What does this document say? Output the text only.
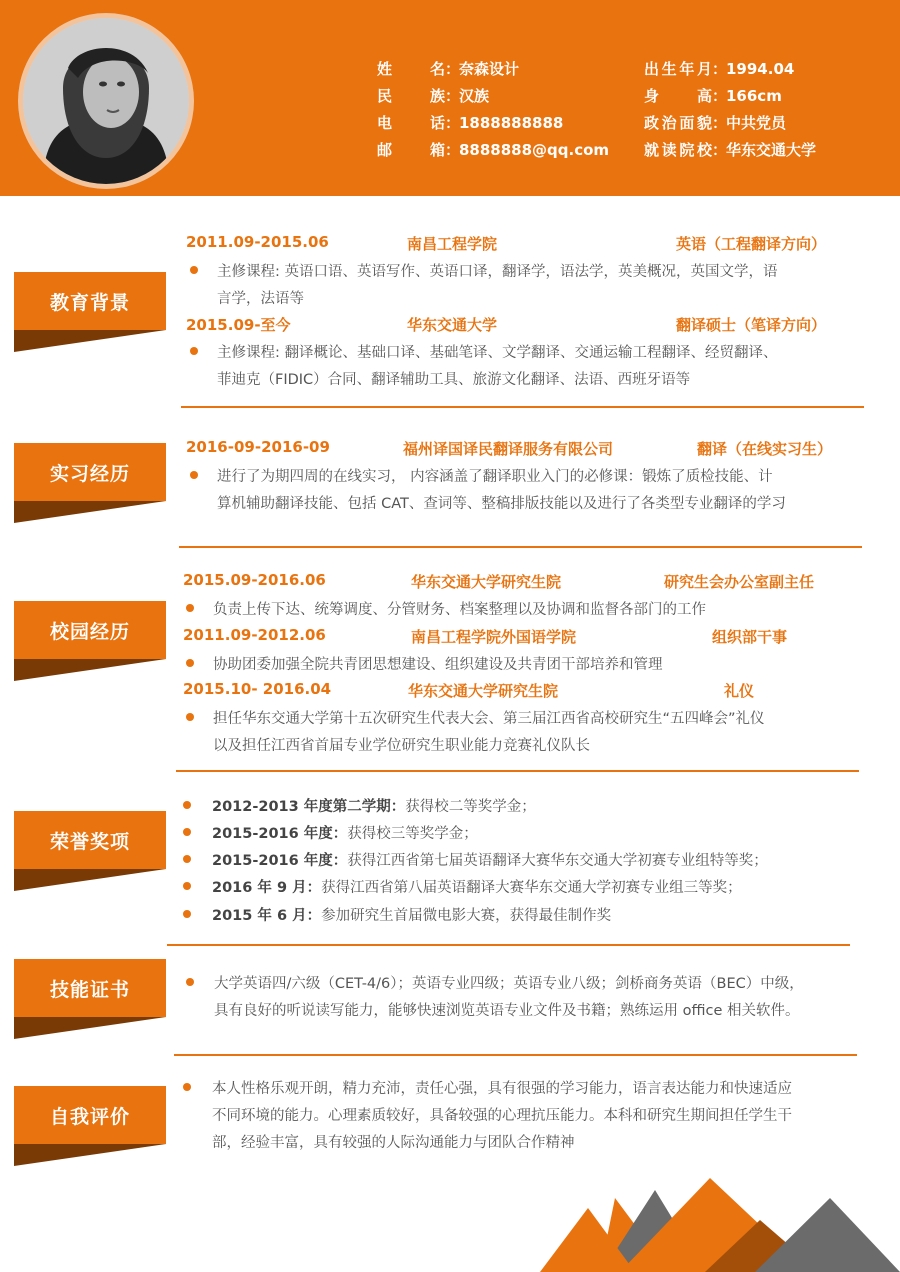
姓名：奈森设计
民族：汉族
电话：1888888888
邮箱：8888888@qq.com
出生年月：1994.04
身高：166cm
政治面貌：中共党员
就读院校：华东交通大学
教育背景
2011.09-2015.06	南昌工程学院	英语（工程翻译方向）
主修课程: 英语口语、英语写作、英语口译，翻译学，语法学，英美概况，英国文学，语
言学，法语等
2015.09-至今	华东交通大学	翻译硕士（笔译方向）
主修课程: 翻译概论、基础口译、基础笔译、文学翻译、交通运输工程翻译、经贸翻译、
菲迪克（FIDIC）合同、翻译辅助工具、旅游文化翻译、法语、西班牙语等
实习经历
2016-09-2016-09	福州译国译民翻译服务有限公司	翻译（在线实习生）
进行了为期四周的在线实习， 内容涵盖了翻译职业入门的必修课：锻炼了质检技能、计
算机辅助翻译技能、包括 CAT、查词等、整稿排版技能以及进行了各类型专业翻译的学习
校园经历
2015.09-2016.06	华东交通大学研究生院	研究生会办公室副主任
负责上传下达、统筹调度、分管财务、档案整理以及协调和监督各部门的工作
2011.09-2012.06	南昌工程学院外国语学院	组织部干事
协助团委加强全院共青团思想建设、组织建设及共青团干部培养和管理
2015.10- 2016.04	华东交通大学研究生院	礼仪
担任华东交通大学第十五次研究生代表大会、第三届江西省高校研究生“五四峰会”礼仪
以及担任江西省首届专业学位研究生职业能力竞赛礼仪队长
荣誉奖项
2012-2013 年度第二学期：获得校二等奖学金；
2015-2016 年度：获得校三等奖学金；
2015-2016 年度：获得江西省第七届英语翻译大赛华东交通大学初赛专业组特等奖；
2016 年 9 月：获得江西省第八届英语翻译大赛华东交通大学初赛专业组三等奖；
2015 年 6 月：参加研究生首届微电影大赛，获得最佳制作奖
技能证书	大学英语四/六级（CET-4/6）；英语专业四级；英语专业八级；剑桥商务英语（BEC）中级，
具有良好的听说读写能力，能够快速浏览英语专业文件及书籍；熟练运用 office 相关软件。
自我评价
本人性格乐观开朗，精力充沛，责任心强，具有很强的学习能力，语言表达能力和快速适应
不同环境的能力。心理素质较好，具备较强的心理抗压能力。本科和研究生期间担任学生干
部，经验丰富，具有较强的人际沟通能力与团队合作精神
